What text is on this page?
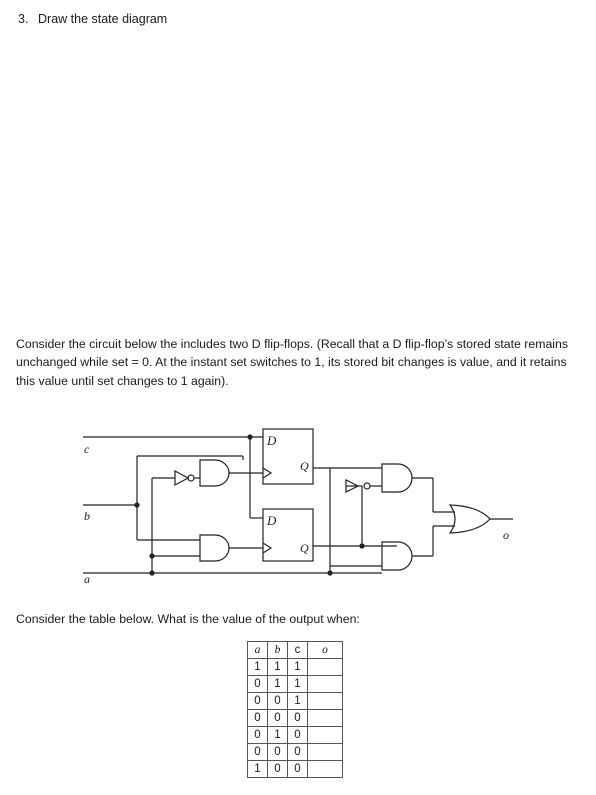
3. Draw the state diagram
Consider the circuit below the includes two D flip-flops. (Recall that a D flip-flop’s stored state remains
unchanged while set = 0. At the instant set switches to 1, its stored bit changes is value, and it retains
this value until set changes to 1 again).
c
b
a
D
Q
D
Q
o
Consider the table below. What is the value of the output when:
a	b	c	o
1	1	1	
0	1	1	
0	0	1	
0	0	0	
0	1	0	
0	0	0	
1	0	0	
